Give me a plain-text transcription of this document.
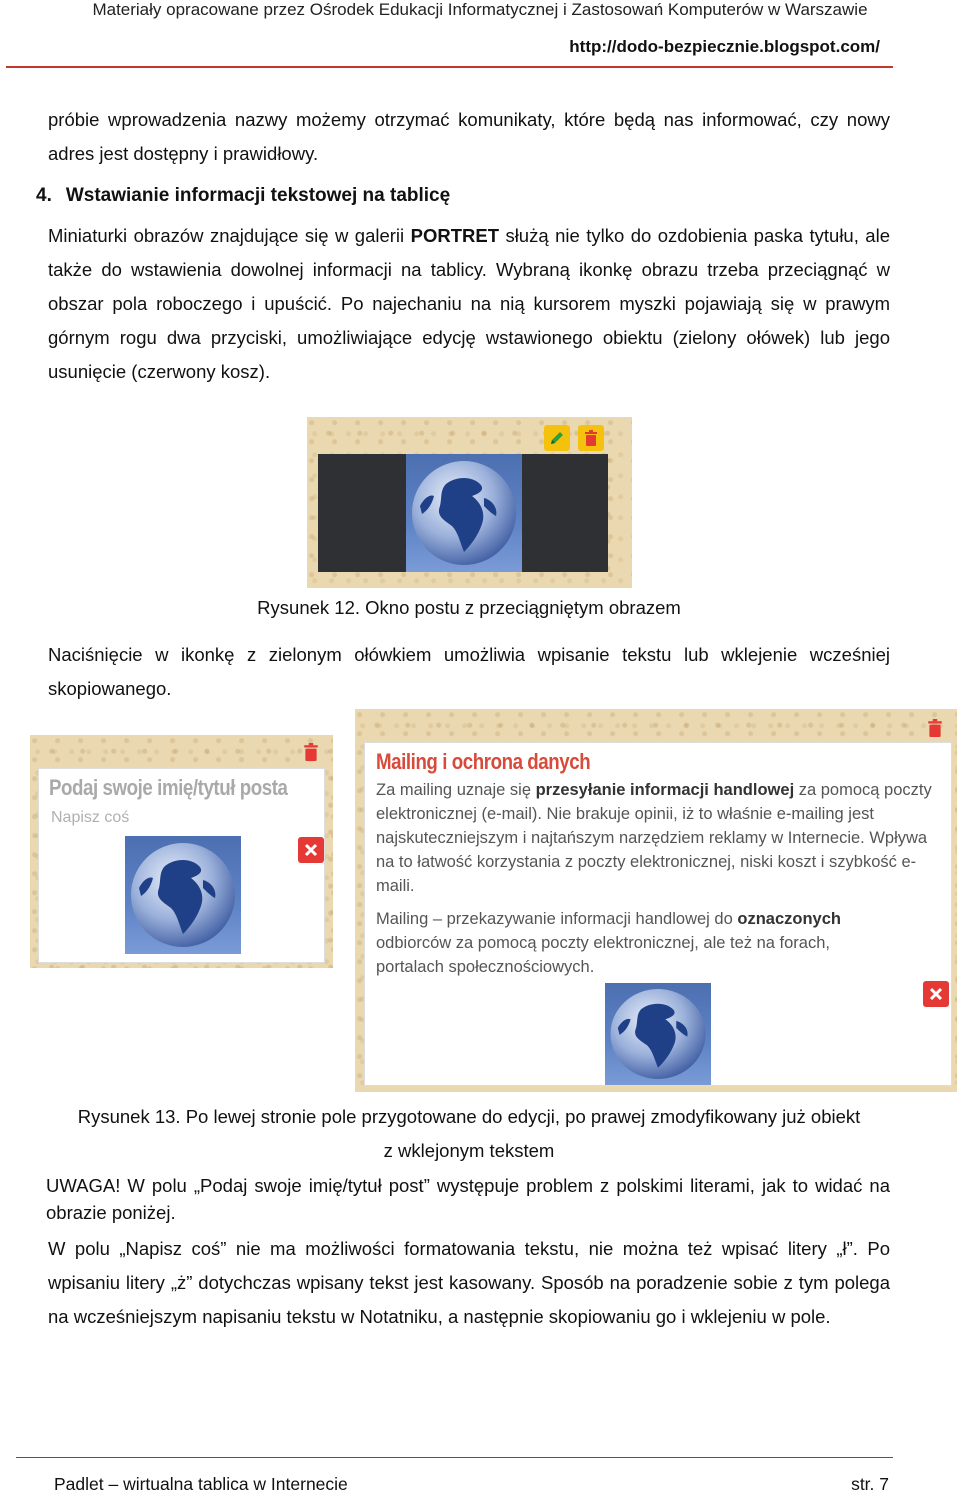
Materiały opracowane przez Ośrodek Edukacji Informatycznej i Zastosowań Komputerów w Warszawie
http://dodo-bezpiecznie.blogspot.com/
próbie wprowadzenia nazwy możemy otrzymać komunikaty, które będą nas informować, czy nowy adres jest dostępny i prawidłowy.
4. Wstawianie informacji tekstowej na tablicę
Miniaturki obrazów znajdujące się w galerii PORTRET służą nie tylko do ozdobienia paska tytułu, ale także do wstawienia dowolnej informacji na tablicy. Wybraną ikonkę obrazu trzeba przeciągnąć w obszar pola roboczego i upuścić. Po najechaniu na nią kursorem myszki pojawiają się w prawym górnym rogu dwa przyciski, umożliwiające edycję wstawionego obiektu (zielony ołówek) lub jego usunięcie (czerwony kosz).
Rysunek 12. Okno postu z przeciągniętym obrazem
Naciśnięcie w ikonkę z zielonym ołówkiem umożliwia wpisanie tekstu lub wklejenie wcześniej skopiowanego.
Podaj swoje imię/tytuł posta
Napisz coś
Mailing i ochrona danych
Za mailing uznaje się przesyłanie informacji handlowej za pomocą poczty elektronicznej (e-mail). Nie brakuje opinii, iż to właśnie e-mailing jest najskuteczniejszym i najtańszym narzędziem reklamy w Internecie. Wpływa na to łatwość korzystania z poczty elektronicznej, niski koszt i szybkość e-maili.
Mailing – przekazywanie informacji handlowej do oznaczonych odbiorców za pomocą poczty elektronicznej, ale też na forach, portalach społecznościowych.
Rysunek 13. Po lewej stronie pole przygotowane do edycji, po prawej zmodyfikowany już obiekt
z wklejonym tekstem
UWAGA! W polu „Podaj swoje imię/tytuł post” występuje problem z polskimi literami, jak to widać na obrazie poniżej.
W polu „Napisz coś” nie ma możliwości formatowania tekstu, nie można też wpisać litery „ł”. Po wpisaniu litery „ż” dotychczas wpisany tekst jest kasowany. Sposób na poradzenie sobie z tym polega na wcześniejszym napisaniu tekstu w Notatniku, a następnie skopiowaniu go i wklejeniu w pole.
Padlet – wirtualna tablica w Internecie	str. 7
